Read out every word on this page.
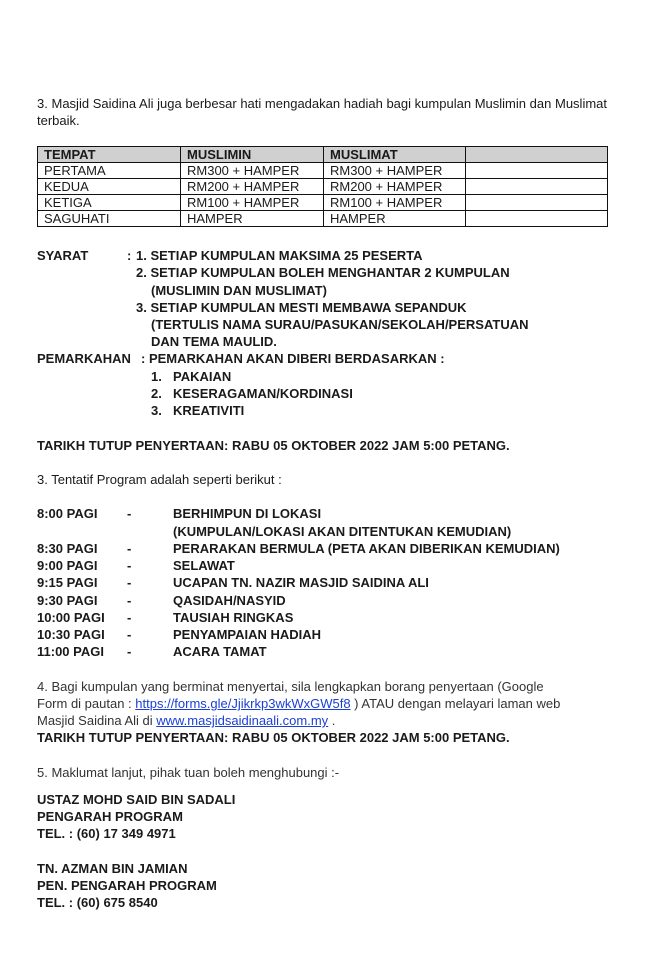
3. Masjid Saidina Ali juga berbesar hati mengadakan hadiah bagi kumpulan Muslimin dan Muslimat terbaik.
TEMPAT	MUSLIMIN	MUSLIMAT	
PERTAMA	RM300 + HAMPER	RM300 + HAMPER	
KEDUA	RM200 + HAMPER	RM200 + HAMPER	
KETIGA	RM100 + HAMPER	RM100 + HAMPER	
SAGUHATI	HAMPER	HAMPER	
SYARAT	: 1. SETIAP KUMPULAN MAKSIMA 25 PESERTA
2. SETIAP KUMPULAN BOLEH MENGHANTAR 2 KUMPULAN
(MUSLIMIN DAN MUSLIMAT)
3. SETIAP KUMPULAN MESTI MEMBAWA SEPANDUK
(TERTULIS NAMA SURAU/PASUKAN/SEKOLAH/PERSATUAN
DAN TEMA MAULID.
PEMARKAHAN : PEMARKAHAN AKAN DIBERI BERDASARKAN :
1. PAKAIAN
2. KESERAGAMAN/KORDINASI
3. KREATIVITI
TARIKH TUTUP PENYERTAAN: RABU 05 OKTOBER 2022 JAM 5:00 PETANG.
3. Tentatif Program adalah seperti berikut :
8:00 PAGI -	BERHIMPUN DI LOKASI
(KUMPULAN/LOKASI AKAN DITENTUKAN KEMUDIAN)
8:30 PAGI -	PERARAKAN BERMULA (PETA AKAN DIBERIKAN KEMUDIAN)
9:00 PAGI -	SELAWAT
9:15 PAGI -	UCAPAN TN. NAZIR MASJID SAIDINA ALI
9:30 PAGI -	QASIDAH/NASYID
10:00 PAGI -	TAUSIAH RINGKAS
10:30 PAGI -	PENYAMPAIAN HADIAH
11:00 PAGI -	ACARA TAMAT
4. Bagi kumpulan yang berminat menyertai, sila lengkapkan borang penyertaan (Google
Form di pautan : https://forms.gle/Jjikrkp3wkWxGW5f8 ) ATAU dengan melayari laman web
Masjid Saidina Ali di www.masjidsaidinaali.com.my .
TARIKH TUTUP PENYERTAAN: RABU 05 OKTOBER 2022 JAM 5:00 PETANG.
5. Maklumat lanjut, pihak tuan boleh menghubungi :-
USTAZ MOHD SAID BIN SADALI
PENGARAH PROGRAM
TEL. : (60) 17 349 4971
TN. AZMAN BIN JAMIAN
PEN. PENGARAH PROGRAM
TEL. : (60) 675 8540
